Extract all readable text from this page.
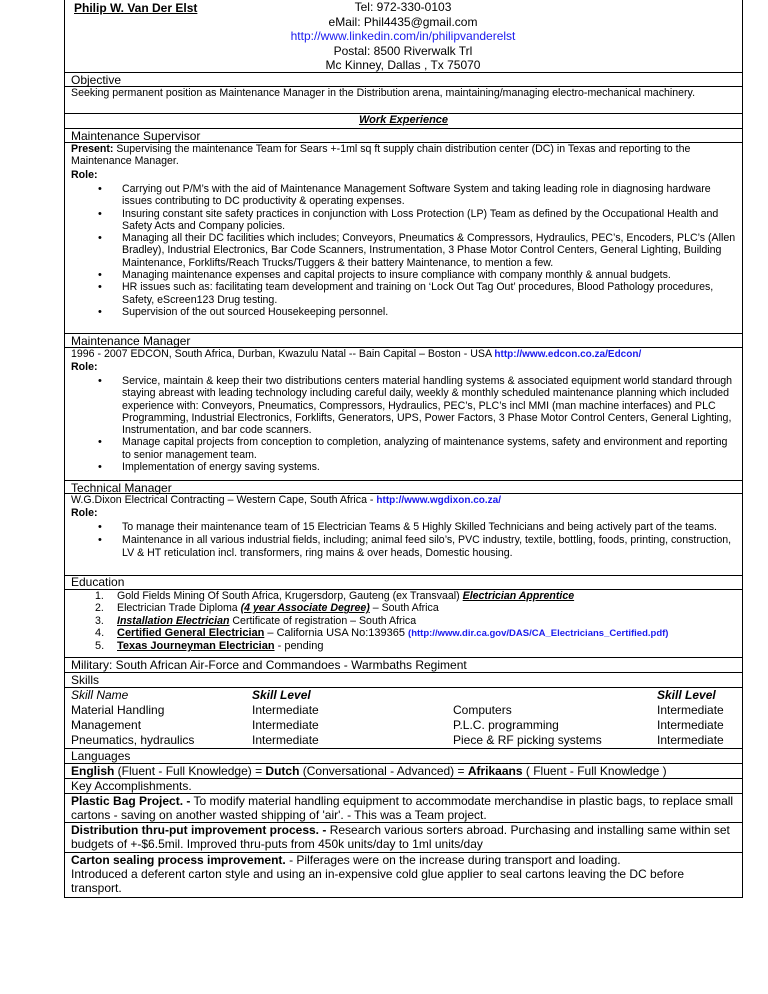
Philip W. Van Der Elst	Tel: 972-330-0103
eMail: Phil4435@gmail.com
http://www.linkedin.com/in/philipvanderelst
Postal: 8500 Riverwalk Trl
Mc Kinney, Dallas , Tx 75070
Objective
Seeking permanent position as Maintenance Manager in the Distribution arena, maintaining/managing electro-mechanical machinery.
Work Experience
Maintenance Supervisor
Present: Supervising the maintenance Team for Sears +-1ml sq ft supply chain distribution center (DC) in Texas and reporting to the Maintenance Manager.
Role:
• Carrying out P/M’s with the aid of Maintenance Management Software System and taking leading role in diagnosing hardware issues contributing to DC productivity & operating expenses.
• Insuring constant site safety practices in conjunction with Loss Protection (LP) Team as defined by the Occupational Health and Safety Acts and Company policies.
• Managing all their DC facilities which includes; Conveyors, Pneumatics & Compressors, Hydraulics, PEC’s, Encoders, PLC’s (Allen Bradley), Industrial Electronics, Bar Code Scanners, Instrumentation, 3 Phase Motor Control Centers, General Lighting, Building Maintenance, Forklifts/Reach Trucks/Tuggers & their battery Maintenance, to mention a few.
• Managing maintenance expenses and capital projects to insure compliance with company monthly & annual budgets.
• HR issues such as: facilitating team development and training on ‘Lock Out Tag Out’ procedures, Blood Pathology procedures, Safety, eScreen123 Drug testing.
• Supervision of the out sourced Housekeeping personnel.
Maintenance Manager
1996 - 2007 EDCON, South Africa, Durban, Kwazulu Natal -- Bain Capital – Boston - USA http://www.edcon.co.za/Edcon/
Role:
• Service, maintain & keep their two distributions centers material handling systems & associated equipment world standard through staying abreast with leading technology including careful daily, weekly & monthly scheduled maintenance planning which included experience with: Conveyors, Pneumatics, Compressors, Hydraulics, PEC’s, PLC’s incl MMI (man machine interfaces) and PLC Programming, Industrial Electronics, Forklifts, Generators, UPS, Power Factors, 3 Phase Motor Control Centers, General Lighting, Instrumentation, and bar code scanners.
• Manage capital projects from conception to completion, analyzing of maintenance systems, safety and environment and reporting to senior management team.
• Implementation of energy saving systems.
Technical Manager
W.G.Dixon Electrical Contracting – Western Cape, South Africa - http://www.wgdixon.co.za/
Role:
• To manage their maintenance team of 15 Electrician Teams & 5 Highly Skilled Technicians and being actively part of the teams.
• Maintenance in all various industrial fields, including; animal feed silo’s, PVC industry, textile, bottling, foods, printing, construction, LV & HT reticulation incl. transformers, ring mains & over heads, Domestic housing.
Education
1. Gold Fields Mining Of South Africa, Krugersdorp, Gauteng (ex Transvaal) Electrician Apprentice
2. Electrician Trade Diploma (4 year Associate Degree) – South Africa
3. Installation Electrician Certificate of registration – South Africa
4. Certified General Electrician – California USA No:139365 (http://www.dir.ca.gov/DAS/CA_Electricians_Certified.pdf)
5. Texas Journeyman Electrician - pending
Military: South African Air-Force and Commandoes - Warmbaths Regiment
Skills
Skill Name	Skill Level		Skill Level
Material Handling	Intermediate	Computers	Intermediate
Management	Intermediate	P.L.C. programming	Intermediate
Pneumatics, hydraulics	Intermediate	Piece & RF picking systems	Intermediate
Languages
English (Fluent - Full Knowledge) = Dutch (Conversational - Advanced) = Afrikaans ( Fluent - Full Knowledge )
Key Accomplishments.
Plastic Bag Project. - To modify material handling equipment to accommodate merchandise in plastic bags, to replace small cartons - saving on another wasted shipping of 'air'. - This was a Team project.
Distribution thru-put improvement process. - Research various sorters abroad. Purchasing and installing same within set budgets of +-$6.5mil. Improved thru-puts from 450k units/day to 1ml units/day
Carton sealing process improvement. - Pilferages were on the increase during transport and loading.
Introduced a deferent carton style and using an in-expensive cold glue applier to seal cartons leaving the DC before transport.
